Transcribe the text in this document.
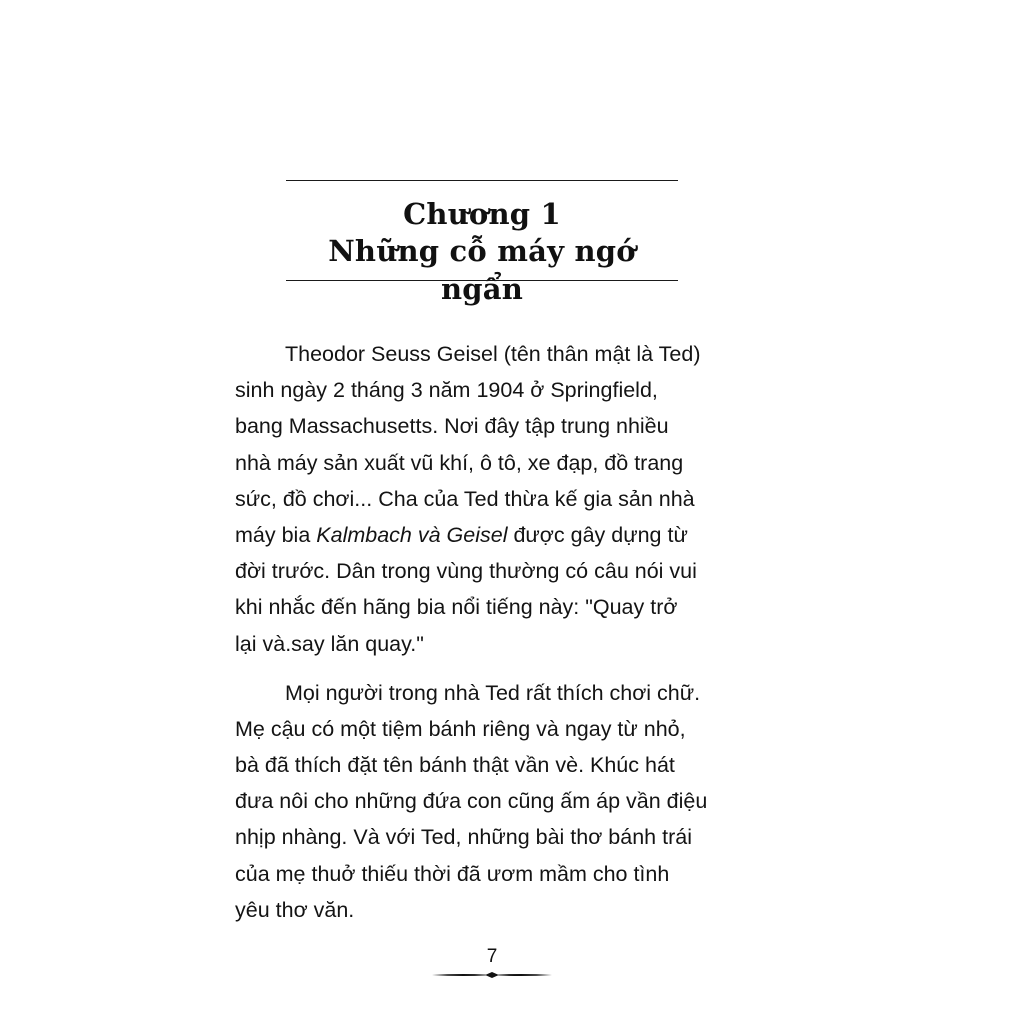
Chương 1
Những cỗ máy ngớ ngẩn
Theodor Seuss Geisel (tên thân mật là Ted)
sinh ngày 2 tháng 3 năm 1904 ở Springfield,
bang Massachusetts. Nơi đây tập trung nhiều
nhà máy sản xuất vũ khí, ô tô, xe đạp, đồ trang
sức, đồ chơi... Cha của Ted thừa kế gia sản nhà
máy bia Kalmbach và Geisel được gây dựng từ
đời trước. Dân trong vùng thường có câu nói vui
khi nhắc đến hãng bia nổi tiếng này: "Quay trở
lại và.say lăn quay."
Mọi người trong nhà Ted rất thích chơi chữ.
Mẹ cậu có một tiệm bánh riêng và ngay từ nhỏ,
bà đã thích đặt tên bánh thật vần vè. Khúc hát
đưa nôi cho những đứa con cũng ấm áp vần điệu
nhịp nhàng. Và với Ted, những bài thơ bánh trái
của mẹ thuở thiếu thời đã ươm mầm cho tình
yêu thơ văn.
7
